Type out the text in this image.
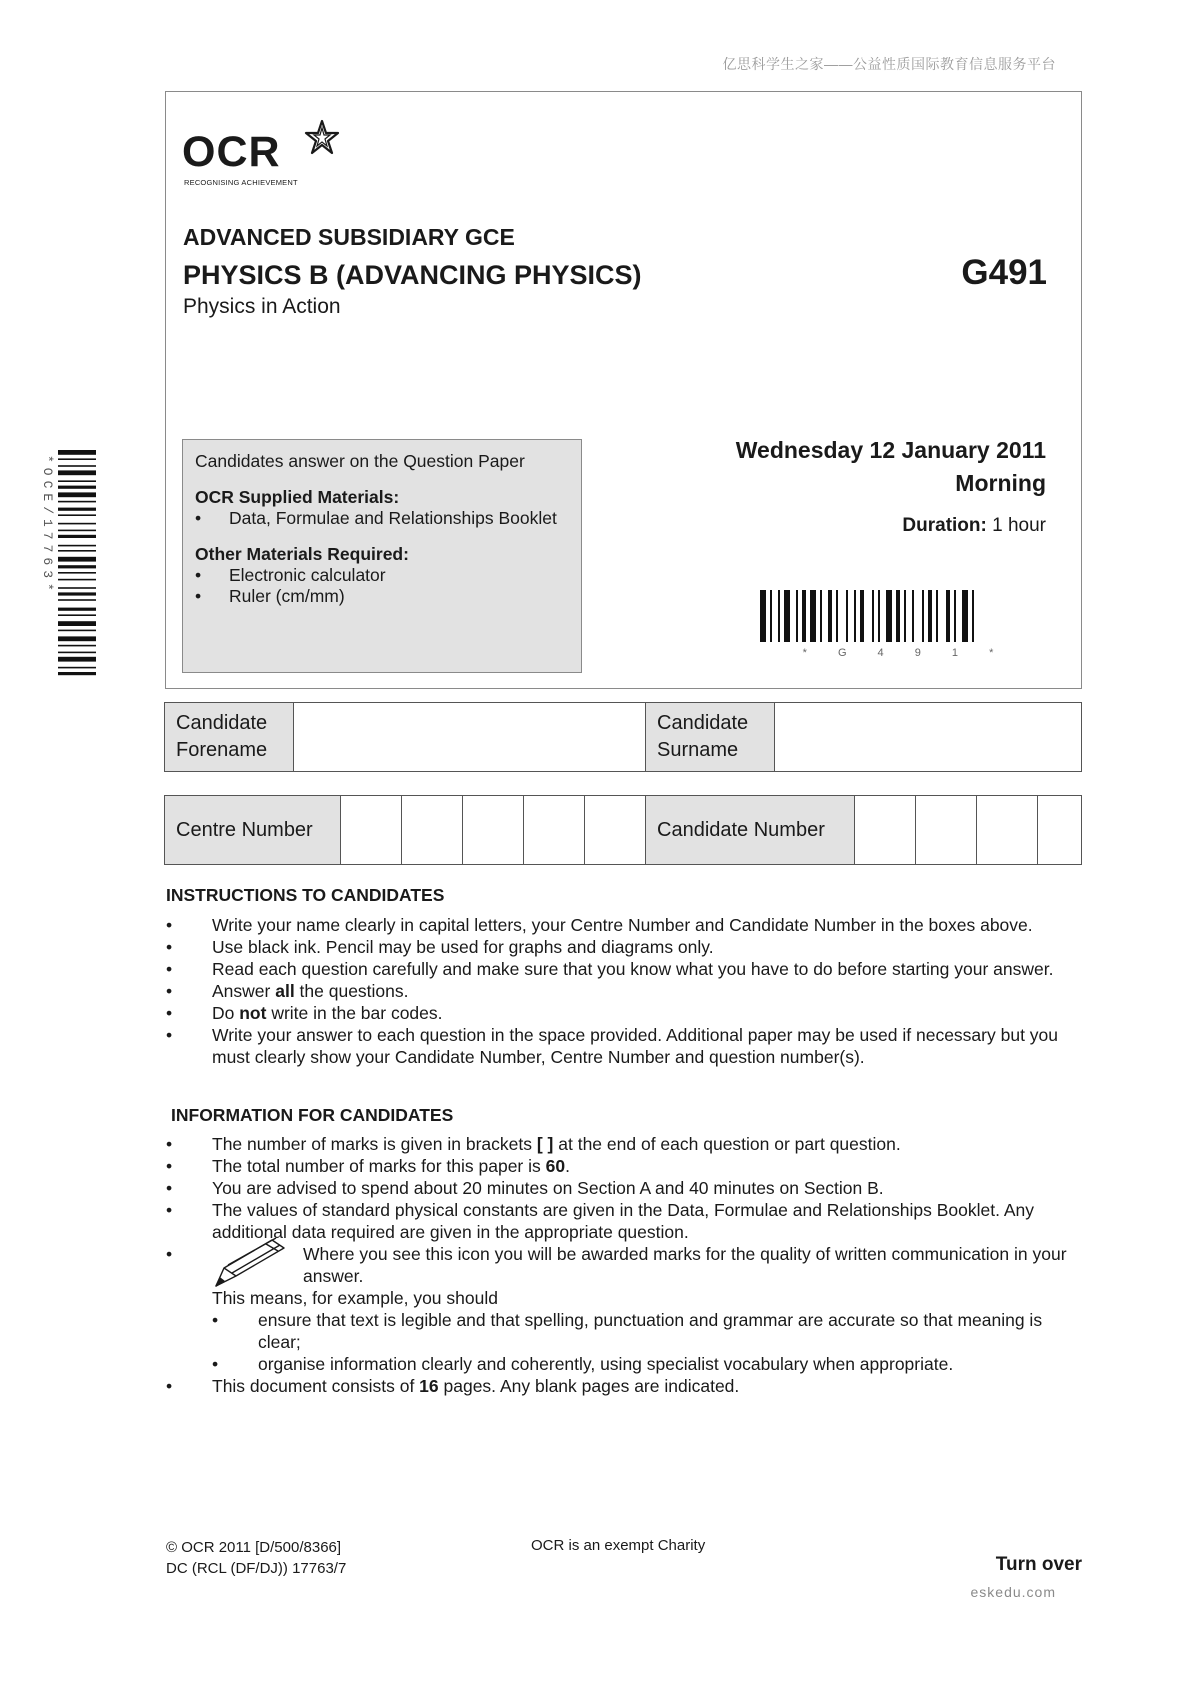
亿思科学生之家——公益性质国际教育信息服务平台
OCR
RECOGNISING ACHIEVEMENT
ADVANCED SUBSIDIARY GCE
PHYSICS B (ADVANCING PHYSICS)
Physics in Action
G491
Candidates answer on the Question Paper
OCR Supplied Materials:
•	Data, Formulae and Relationships Booklet
Other Materials Required:
•	Electronic calculator
•	Ruler (cm/mm)
Wednesday 12 January 2011
Morning
Duration: 1 hour
* G 4 9 1 *
*OCE/17763*
Candidate
Forename
Candidate
Surname
Centre Number	Candidate Number
INSTRUCTIONS TO CANDIDATES
• Write your name clearly in capital letters, your Centre Number and Candidate Number in the boxes above.
• Use black ink. Pencil may be used for graphs and diagrams only.
• Read each question carefully and make sure that you know what you have to do before starting your answer.
• Answer all the questions.
• Do not write in the bar codes.
• Write your answer to each question in the space provided. Additional paper may be used if necessary but you must clearly show your Candidate Number, Centre Number and question number(s).
INFORMATION FOR CANDIDATES
• The number of marks is given in brackets [ ] at the end of each question or part question.
• The total number of marks for this paper is 60.
• You are advised to spend about 20 minutes on Section A and 40 minutes on Section B.
• The values of standard physical constants are given in the Data, Formulae and Relationships Booklet. Any additional data required are given in the appropriate question.
•	Where you see this icon you will be awarded marks for the quality of written communication in your answer.
This means, for example, you should
• ensure that text is legible and that spelling, punctuation and grammar are accurate so that meaning is clear;
• organise information clearly and coherently, using specialist vocabulary when appropriate.
• This document consists of 16 pages. Any blank pages are indicated.
© OCR 2011 [D/500/8366]
DC (RCL (DF/DJ)) 17763/7
OCR is an exempt Charity
Turn over
eskedu.com
